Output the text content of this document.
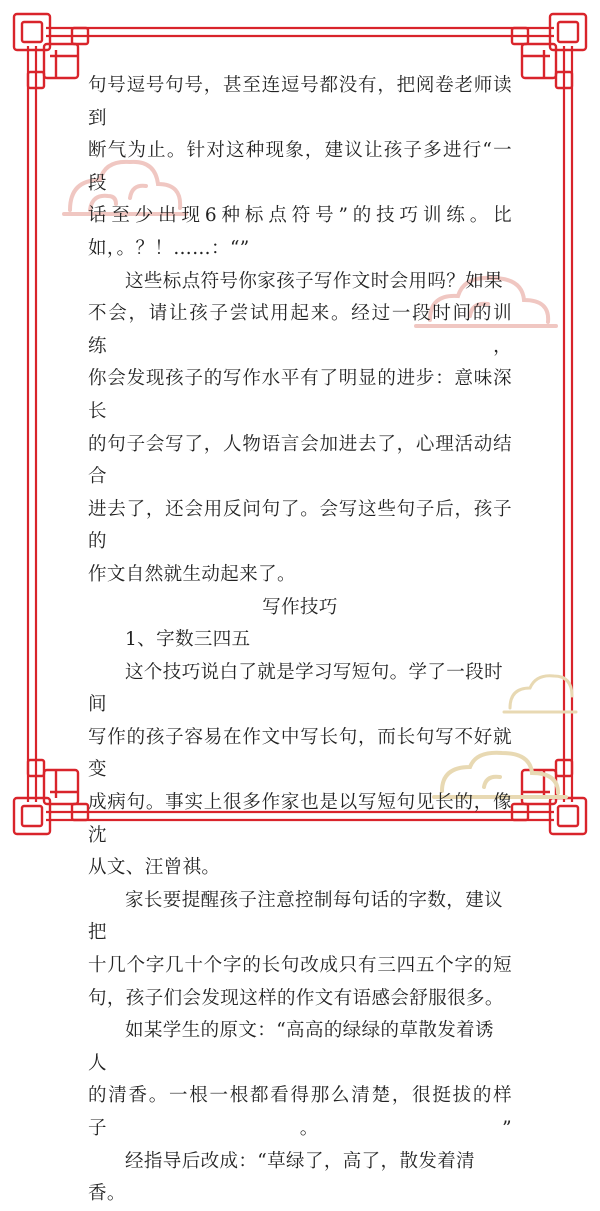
句号逗号句号，甚至连逗号都没有，把阅卷老师读到

断气为止。针对这种现象，建议让孩子多进行“一段

话至少出现6种标点符号”的技巧训练。比

如，。？！……：“”

这些标点符号你家孩子写作文时会用吗？如果

不会，请让孩子尝试用起来。经过一段时间的训练，

你会发现孩子的写作水平有了明显的进步：意味深长

的句子会写了，人物语言会加进去了，心理活动结合

进去了，还会用反问句了。会写这些句子后，孩子的

作文自然就生动起来了。

写作技巧

1、字数三四五

这个技巧说白了就是学习写短句。学了一段时间

写作的孩子容易在作文中写长句，而长句写不好就变

成病句。事实上很多作家也是以写短句见长的，像沈

从文、汪曾祺。

家长要提醒孩子注意控制每句话的字数，建议把

十几个字几十个字的长句改成只有三四五个字的短

句，孩子们会发现这样的作文有语感会舒服很多。

如某学生的原文：“高高的绿绿的草散发着诱人

的清香。一根一根都看得那么清楚，很挺拔的样子。”

经指导后改成：“草绿了，高了，散发着清香。
